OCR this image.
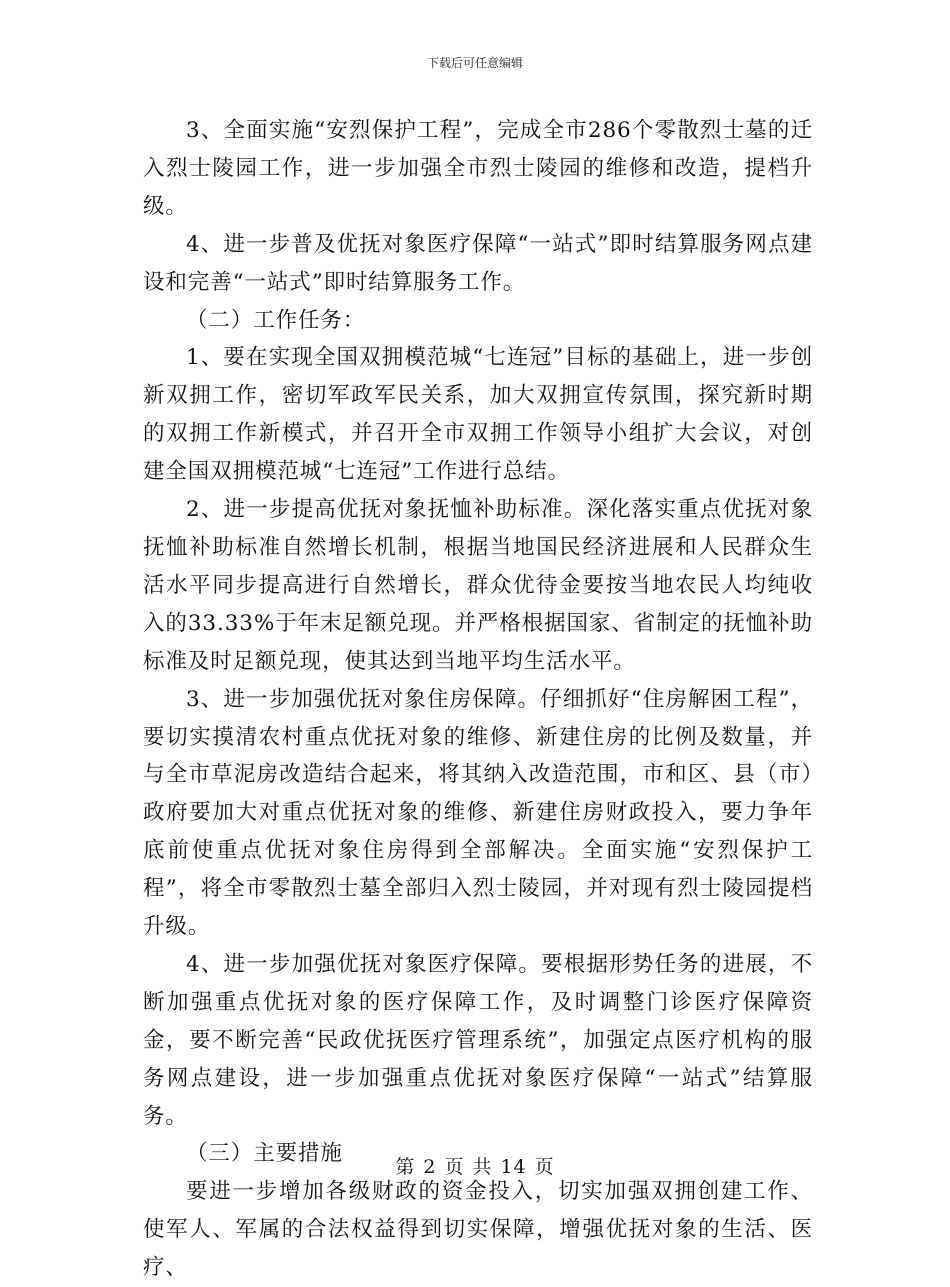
下载后可任意编辑

3、全面实施“安烈保护工程”，完成全市286个零散烈士墓的迁入烈士陵园工作，进一步加强全市烈士陵园的维修和改造，提档升级。

4、进一步普及优抚对象医疗保障“一站式”即时结算服务网点建设和完善“一站式”即时结算服务工作。

（二）工作任务：

1、要在实现全国双拥模范城“七连冠”目标的基础上，进一步创新双拥工作，密切军政军民关系，加大双拥宣传氛围，探究新时期的双拥工作新模式，并召开全市双拥工作领导小组扩大会议，对创建全国双拥模范城“七连冠”工作进行总结。

2、进一步提高优抚对象抚恤补助标准。深化落实重点优抚对象抚恤补助标准自然增长机制，根据当地国民经济进展和人民群众生活水平同步提高进行自然增长，群众优待金要按当地农民人均纯收入的33.33%于年末足额兑现。并严格根据国家、省制定的抚恤补助标准及时足额兑现，使其达到当地平均生活水平。

3、进一步加强优抚对象住房保障。仔细抓好“住房解困工程”，要切实摸清农村重点优抚对象的维修、新建住房的比例及数量，并与全市草泥房改造结合起来，将其纳入改造范围，市和区、县（市）政府要加大对重点优抚对象的维修、新建住房财政投入，要力争年底前使重点优抚对象住房得到全部解决。全面实施“安烈保护工程”，将全市零散烈士墓全部归入烈士陵园，并对现有烈士陵园提档升级。

4、进一步加强优抚对象医疗保障。要根据形势任务的进展，不断加强重点优抚对象的医疗保障工作，及时调整门诊医疗保障资金，要不断完善“民政优抚医疗管理系统”，加强定点医疗机构的服务网点建设，进一步加强重点优抚对象医疗保障“一站式”结算服务。

（三）主要措施

要进一步增加各级财政的资金投入，切实加强双拥创建工作、使军人、军属的合法权益得到切实保障，增强优抚对象的生活、医疗、

第 2 页 共 14 页
